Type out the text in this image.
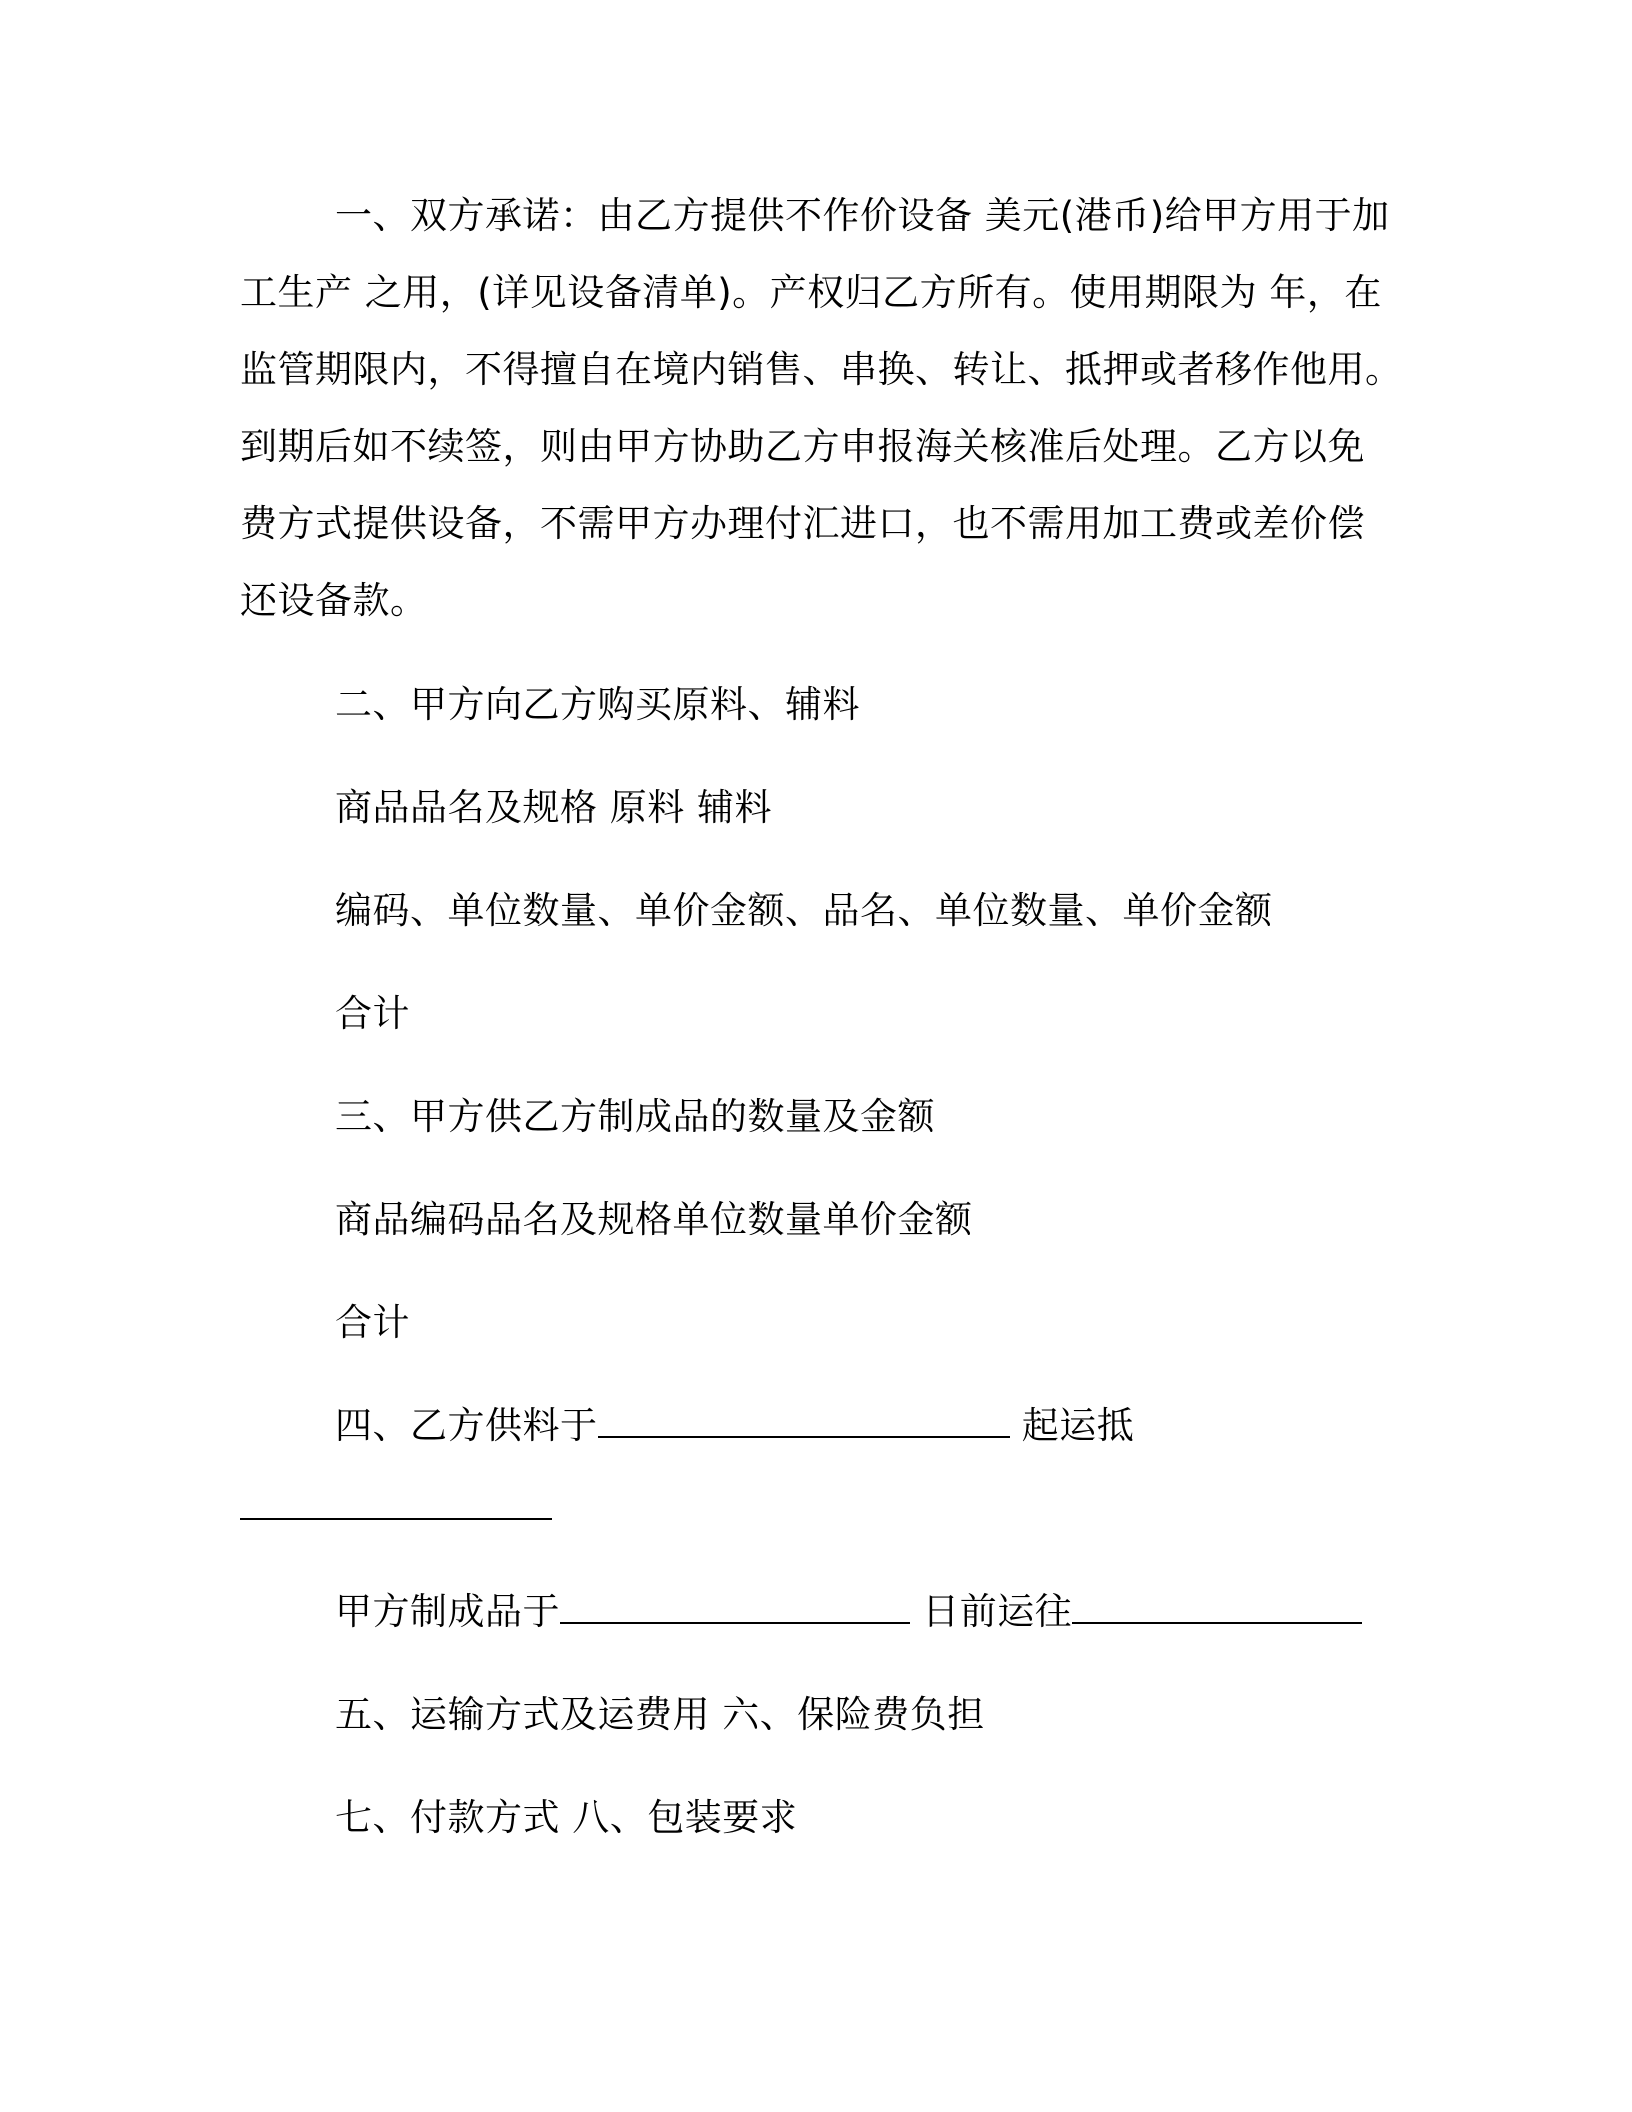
一、双方承诺：由乙方提供不作价设备 美元(港币)给甲方用于加
工生产 之用，(详见设备清单)。产权归乙方所有。使用期限为 年，在
监管期限内，不得擅自在境内销售、串换、转让、抵押或者移作他用。
到期后如不续签，则由甲方协助乙方申报海关核准后处理。乙方以免
费方式提供设备，不需甲方办理付汇进口，也不需用加工费或差价偿
还设备款。
二、甲方向乙方购买原料、辅料
商品品名及规格 原料 辅料
编码、单位数量、单价金额、品名、单位数量、单价金额
合计
三、甲方供乙方制成品的数量及金额
商品编码品名及规格单位数量单价金额
合计
四、乙方供料于	起运抵
甲方制成品于	日前运往
五、运输方式及运费用 六、保险费负担
七、付款方式 八、包装要求
